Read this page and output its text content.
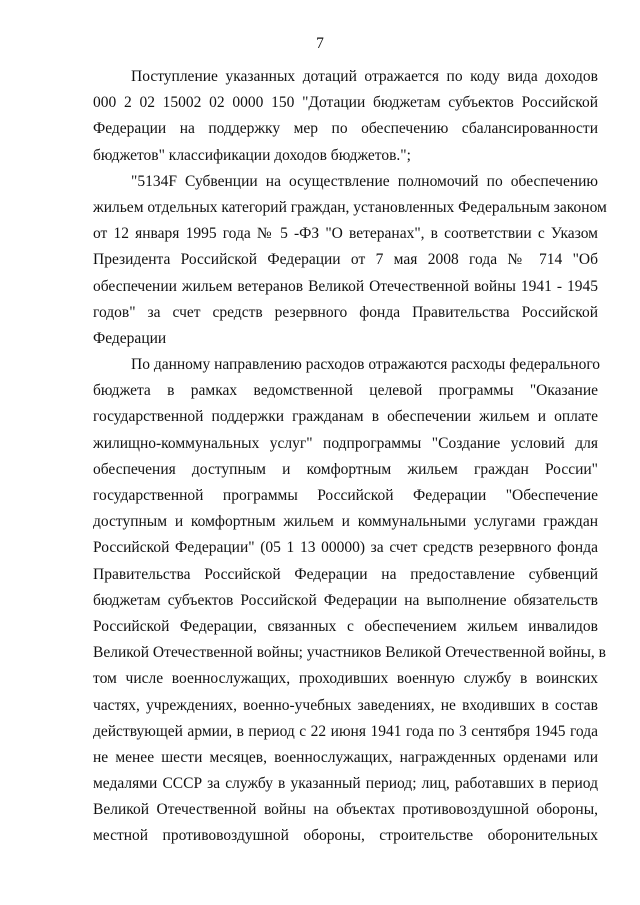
7
Поступление указанных дотаций отражается по коду вида доходов
000 2 02 15002 02 0000 150 "Дотации бюджетам субъектов Российской
Федерации на поддержку мер по обеспечению сбалансированности
бюджетов" классификации доходов бюджетов.";
"5134F Субвенции на осуществление полномочий по обеспечению
жильем отдельных категорий граждан, установленных Федеральным законом
от 12 января 1995 года № 5 -ФЗ "О ветеранах", в соответствии с Указом
Президента Российской Федерации от 7 мая 2008 года № 714 "Об
обеспечении жильем ветеранов Великой Отечественной войны 1941 - 1945
годов" за счет средств резервного фонда Правительства Российской
Федерации
По данному направлению расходов отражаются расходы федерального
бюджета в рамках ведомственной целевой программы "Оказание
государственной поддержки гражданам в обеспечении жильем и оплате
жилищно-коммунальных услуг" подпрограммы "Создание условий для
обеспечения доступным и комфортным жильем граждан России"
государственной программы Российской Федерации "Обеспечение
доступным и комфортным жильем и коммунальными услугами граждан
Российской Федерации" (05 1 13 00000) за счет средств резервного фонда
Правительства Российской Федерации на предоставление субвенций
бюджетам субъектов Российской Федерации на выполнение обязательств
Российской Федерации, связанных с обеспечением жильем инвалидов
Великой Отечественной войны; участников Великой Отечественной войны, в
том числе военнослужащих, проходивших военную службу в воинских
частях, учреждениях, военно-учебных заведениях, не входивших в состав
действующей армии, в период с 22 июня 1941 года по 3 сентября 1945 года
не менее шести месяцев, военнослужащих, награжденных орденами или
медалями СССР за службу в указанный период; лиц, работавших в период
Великой Отечественной войны на объектах противовоздушной обороны,
местной противовоздушной обороны, строительстве оборонительных
